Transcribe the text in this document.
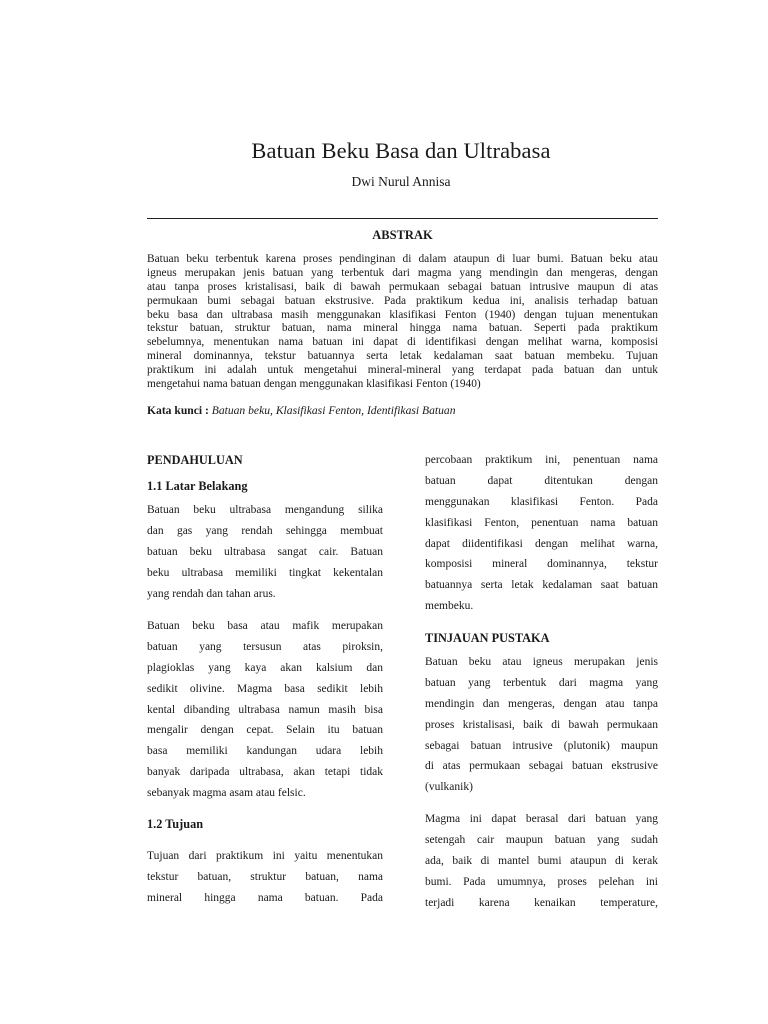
Batuan Beku Basa dan Ultrabasa
Dwi Nurul Annisa
ABSTRAK
Batuan beku terbentuk karena proses pendinginan di dalam ataupun di luar bumi. Batuan beku atau
igneus merupakan jenis batuan yang terbentuk dari magma yang mendingin dan mengeras, dengan
atau tanpa proses kristalisasi, baik di bawah permukaan sebagai batuan intrusive maupun di atas
permukaan bumi sebagai batuan ekstrusive. Pada praktikum kedua ini, analisis terhadap batuan
beku basa dan ultrabasa masih menggunakan klasifikasi Fenton (1940) dengan tujuan menentukan
tekstur batuan, struktur batuan, nama mineral hingga nama batuan. Seperti pada praktikum
sebelumnya, menentukan nama batuan ini dapat di identifikasi dengan melihat warna, komposisi
mineral dominannya, tekstur batuannya serta letak kedalaman saat batuan membeku. Tujuan
praktikum ini adalah untuk mengetahui mineral-mineral yang terdapat pada batuan dan untuk
mengetahui nama batuan dengan menggunakan klasifikasi Fenton (1940)
Kata kunci : Batuan beku, Klasifikasi Fenton, Identifikasi Batuan
PENDAHULUAN
1.1 Latar Belakang
Batuan beku ultrabasa mengandung silika
dan gas yang rendah sehingga membuat
batuan beku ultrabasa sangat cair. Batuan
beku ultrabasa memiliki tingkat kekentalan
yang rendah dan tahan arus.
Batuan beku basa atau mafik merupakan
batuan yang tersusun atas piroksin,
plagioklas yang kaya akan kalsium dan
sedikit olivine. Magma basa sedikit lebih
kental dibanding ultrabasa namun masih bisa
mengalir dengan cepat. Selain itu batuan
basa memiliki kandungan udara lebih
banyak daripada ultrabasa, akan tetapi tidak
sebanyak magma asam atau felsic.
1.2 Tujuan
Tujuan dari praktikum ini yaitu menentukan
tekstur batuan, struktur batuan, nama
mineral hingga nama batuan. Pada
percobaan praktikum ini, penentuan nama
batuan dapat ditentukan dengan
menggunakan klasifikasi Fenton. Pada
klasifikasi Fenton, penentuan nama batuan
dapat diidentifikasi dengan melihat warna,
komposisi mineral dominannya, tekstur
batuannya serta letak kedalaman saat batuan
membeku.
TINJAUAN PUSTAKA
Batuan beku atau igneus merupakan jenis
batuan yang terbentuk dari magma yang
mendingin dan mengeras, dengan atau tanpa
proses kristalisasi, baik di bawah permukaan
sebagai batuan intrusive (plutonik) maupun
di atas permukaan sebagai batuan ekstrusive
(vulkanik)
Magma ini dapat berasal dari batuan yang
setengah cair maupun batuan yang sudah
ada, baik di mantel bumi ataupun di kerak
bumi. Pada umumnya, proses pelehan ini
terjadi karena kenaikan temperature,
